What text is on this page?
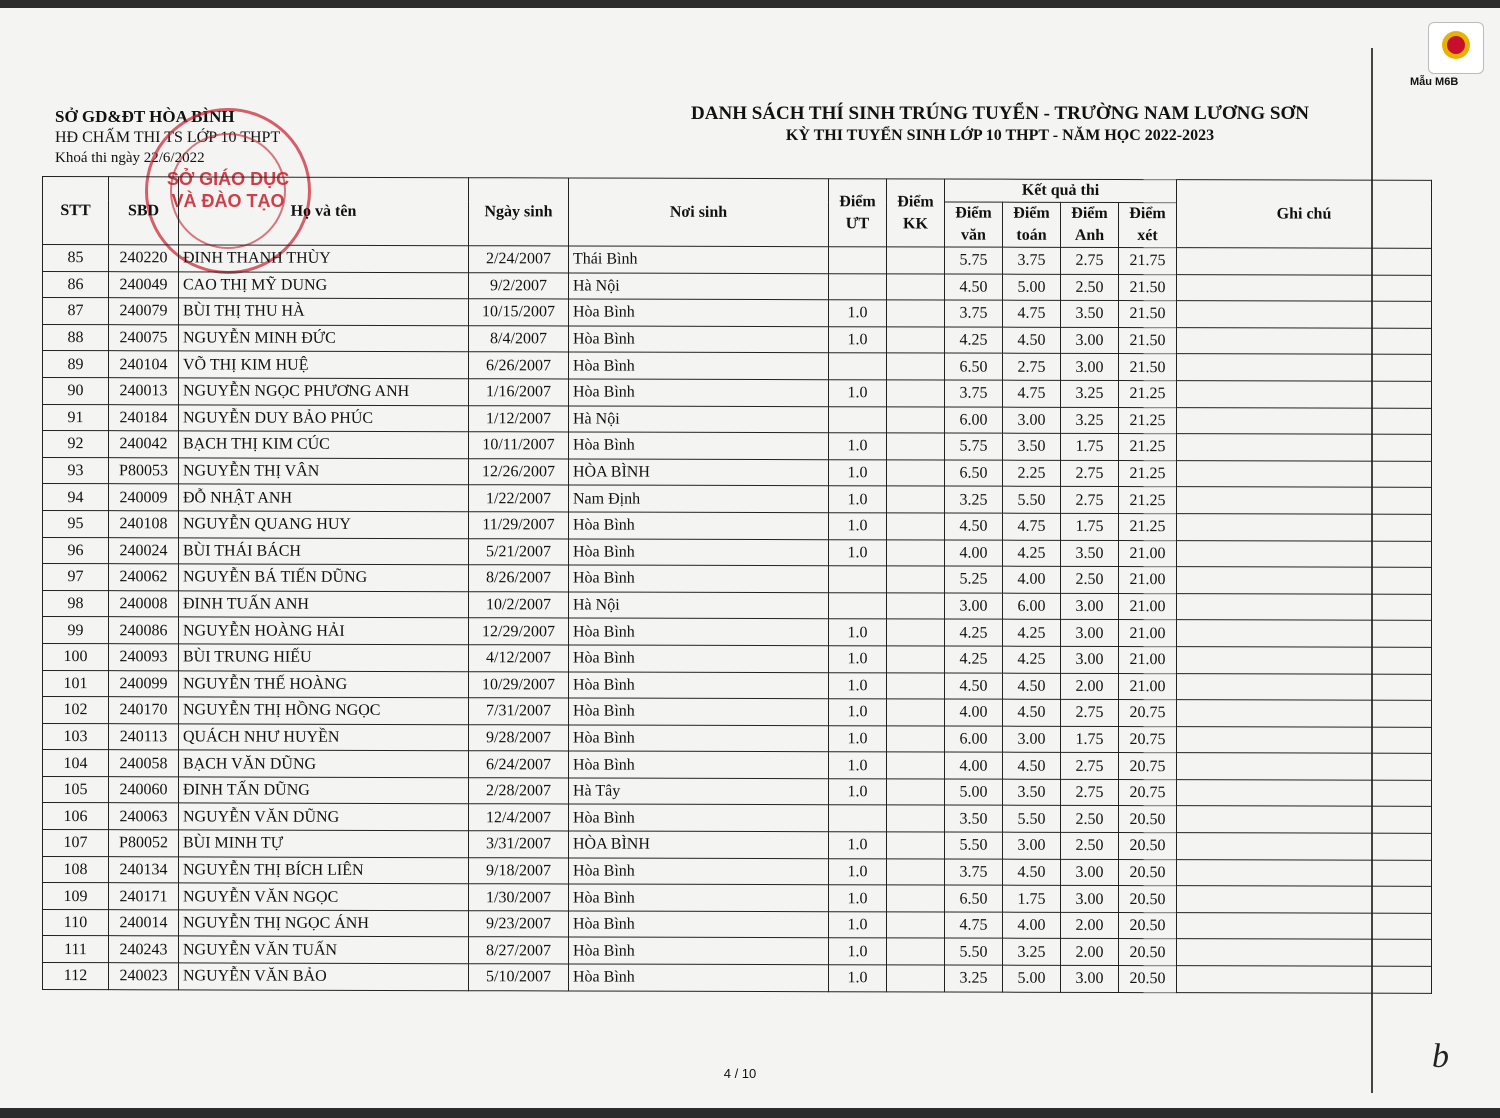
Mẫu M6B
SỞ GD&ĐT HÒA BÌNH
HĐ CHẤM THI TS LỚP 10 THPT
Khoá thi ngày 22/6/2022
SỞ GIÁO DỤC
VÀ ĐÀO TẠO
DANH SÁCH THÍ SINH TRÚNG TUYỂN - TRƯỜNG NAM LƯƠNG SƠN
KỲ THI TUYỂN SINH LỚP 10 THPT - NĂM HỌC 2022-2023
STT	SBD	Họ và tên	Ngày sinh	Nơi sinh	Điểm ƯT	Điểm KK	Kết quả thi				Ghi chú
							Điểm văn	Điểm toán	Điểm Anh	Điểm xét	
85	240220	ĐINH THANH THÙY	2/24/2007	Thái Bình			5.75	3.75	2.75	21.75	
86	240049	CAO THỊ MỸ DUNG	9/2/2007	Hà Nội			4.50	5.00	2.50	21.50	
87	240079	BÙI THỊ THU HÀ	10/15/2007	Hòa Bình	1.0		3.75	4.75	3.50	21.50	
88	240075	NGUYỄN MINH ĐỨC	8/4/2007	Hòa Bình	1.0		4.25	4.50	3.00	21.50	
89	240104	VÕ THỊ KIM HUỆ	6/26/2007	Hòa Bình			6.50	2.75	3.00	21.50	
90	240013	NGUYỄN NGỌC PHƯƠNG ANH	1/16/2007	Hòa Bình	1.0		3.75	4.75	3.25	21.25	
91	240184	NGUYỄN DUY BẢO PHÚC	1/12/2007	Hà Nội			6.00	3.00	3.25	21.25	
92	240042	BẠCH THỊ KIM CÚC	10/11/2007	Hòa Bình	1.0		5.75	3.50	1.75	21.25	
93	P80053	NGUYỄN THỊ VÂN	12/26/2007	HÒA BÌNH	1.0		6.50	2.25	2.75	21.25	
94	240009	ĐỖ NHẬT ANH	1/22/2007	Nam Định	1.0		3.25	5.50	2.75	21.25	
95	240108	NGUYỄN QUANG HUY	11/29/2007	Hòa Bình	1.0		4.50	4.75	1.75	21.25	
96	240024	BÙI THÁI BÁCH	5/21/2007	Hòa Bình	1.0		4.00	4.25	3.50	21.00	
97	240062	NGUYỄN BÁ TIẾN DŨNG	8/26/2007	Hòa Bình			5.25	4.00	2.50	21.00	
98	240008	ĐINH TUẤN ANH	10/2/2007	Hà Nội			3.00	6.00	3.00	21.00	
99	240086	NGUYỄN HOÀNG HẢI	12/29/2007	Hòa Bình	1.0		4.25	4.25	3.00	21.00	
100	240093	BÙI TRUNG HIẾU	4/12/2007	Hòa Bình	1.0		4.25	4.25	3.00	21.00	
101	240099	NGUYỄN THẾ HOÀNG	10/29/2007	Hòa Bình	1.0		4.50	4.50	2.00	21.00	
102	240170	NGUYỄN THỊ HỒNG NGỌC	7/31/2007	Hòa Bình	1.0		4.00	4.50	2.75	20.75	
103	240113	QUÁCH NHƯ HUYỀN	9/28/2007	Hòa Bình	1.0		6.00	3.00	1.75	20.75	
104	240058	BẠCH VĂN DŨNG	6/24/2007	Hòa Bình	1.0		4.00	4.50	2.75	20.75	
105	240060	ĐINH TẤN DŨNG	2/28/2007	Hà Tây	1.0		5.00	3.50	2.75	20.75	
106	240063	NGUYỄN VĂN DŨNG	12/4/2007	Hòa Bình			3.50	5.50	2.50	20.50	
107	P80052	BÙI MINH TỰ	3/31/2007	HÒA BÌNH	1.0		5.50	3.00	2.50	20.50	
108	240134	NGUYỄN THỊ BÍCH LIÊN	9/18/2007	Hòa Bình	1.0		3.75	4.50	3.00	20.50	
109	240171	NGUYỄN VĂN NGỌC	1/30/2007	Hòa Bình	1.0		6.50	1.75	3.00	20.50	
110	240014	NGUYỄN THỊ NGỌC ÁNH	9/23/2007	Hòa Bình	1.0		4.75	4.00	2.00	20.50	
111	240243	NGUYỄN VĂN TUẤN	8/27/2007	Hòa Bình	1.0		5.50	3.25	2.00	20.50	
112	240023	NGUYỄN VĂN BẢO	5/10/2007	Hòa Bình	1.0		3.25	5.00	3.00	20.50	
b
4 / 10
